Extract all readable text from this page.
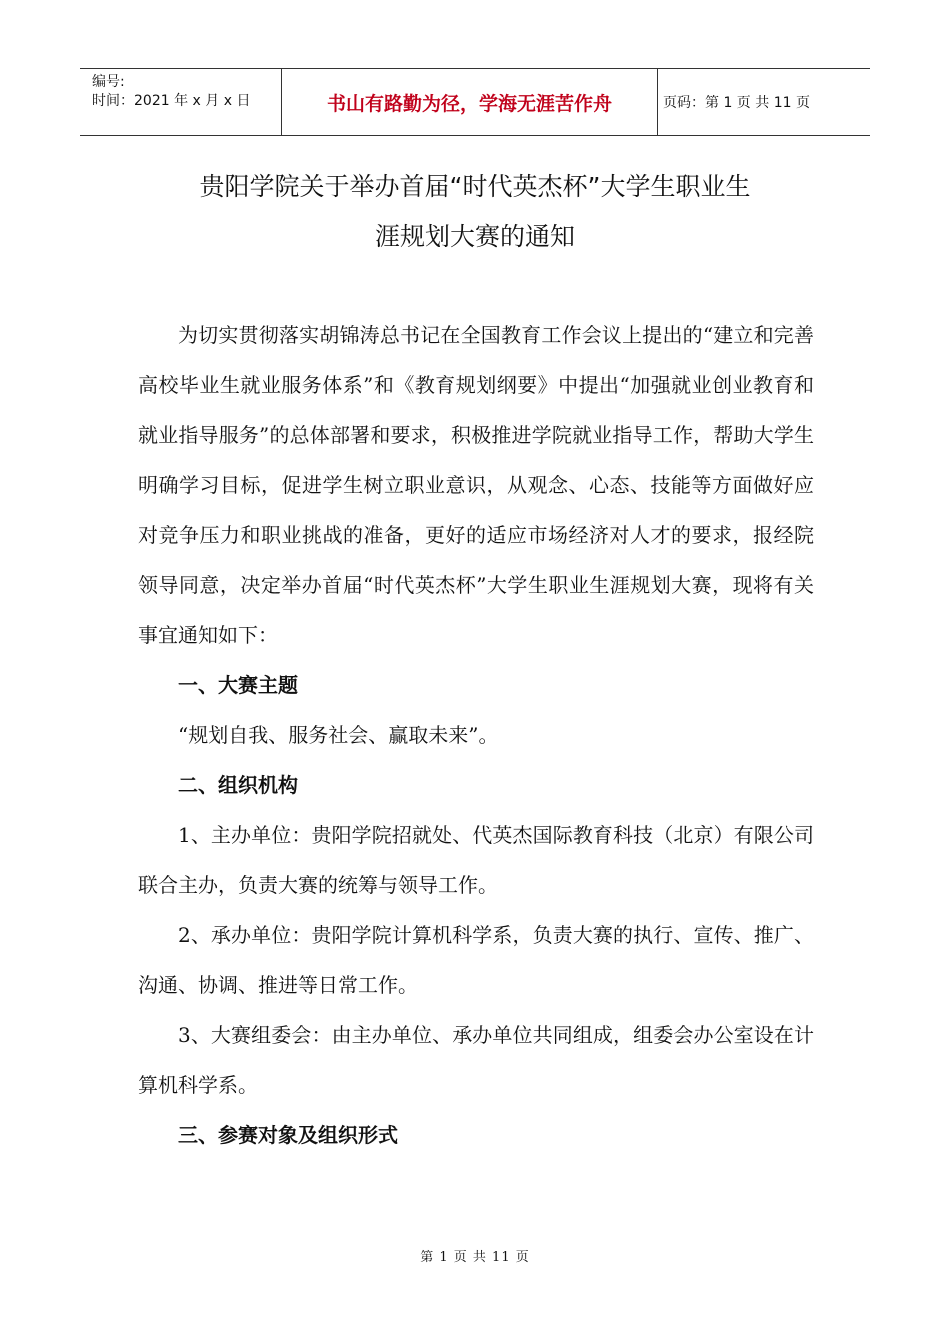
编号:
时间：2021 年 x 月 x 日	书山有路勤为径，学海无涯苦作舟	页码：第 1 页 共 11 页
贵阳学院关于举办首届“时代英杰杯”大学生职业生
涯规划大赛的通知

为切实贯彻落实胡锦涛总书记在全国教育工作会议上提出的“建立和完善高校毕业生就业服务体系”和《教育规划纲要》中提出“加强就业创业教育和就业指导服务”的总体部署和要求，积极推进学院就业指导工作，帮助大学生明确学习目标，促进学生树立职业意识，从观念、心态、技能等方面做好应对竞争压力和职业挑战的准备，更好的适应市场经济对人才的要求，报经院领导同意，决定举办首届“时代英杰杯”大学生职业生涯规划大赛，现将有关事宜通知如下：

一、大赛主题

“规划自我、服务社会、赢取未来”。

二、组织机构

1、主办单位：贵阳学院招就处、代英杰国际教育科技（北京）有限公司联合主办，负责大赛的统筹与领导工作。

2、承办单位：贵阳学院计算机科学系，负责大赛的执行、宣传、推广、沟通、协调、推进等日常工作。

3、大赛组委会：由主办单位、承办单位共同组成，组委会办公室设在计算机科学系。

三、参赛对象及组织形式

第 1 页 共 11 页
